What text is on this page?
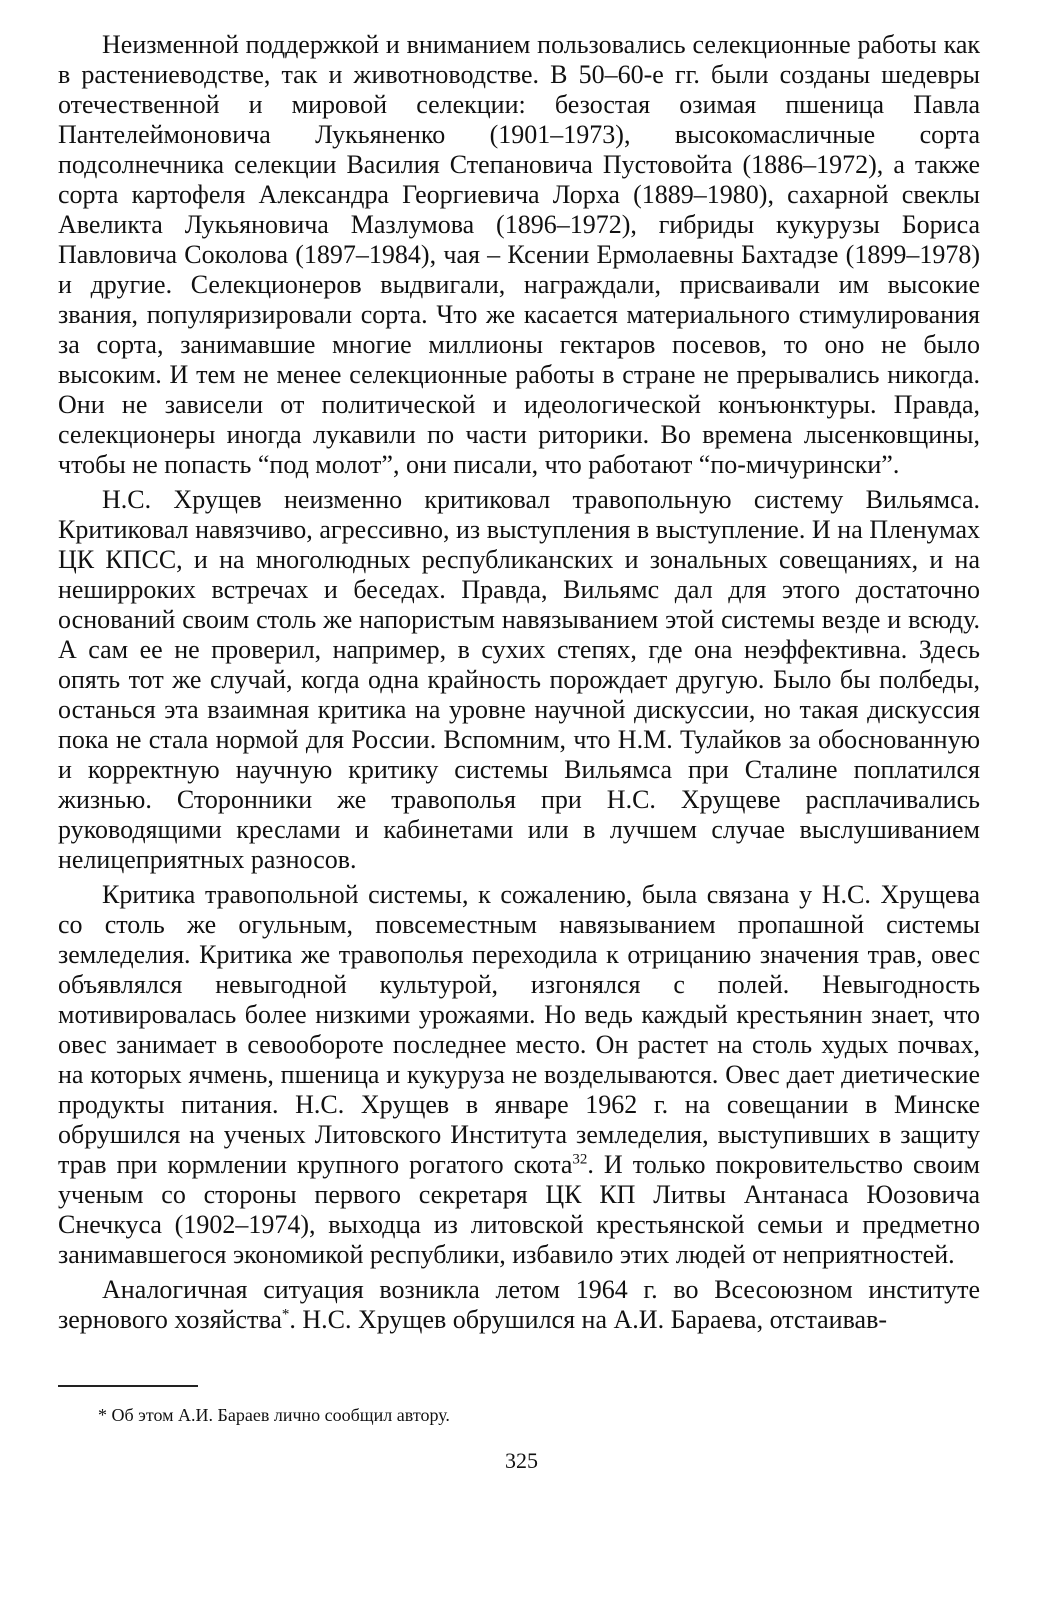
Неизменной поддержкой и вниманием пользовались селекционные работы как в растениеводстве, так и животноводстве. В 50–60-е гг. были созданы шедевры отечественной и мировой селекции: безостая озимая пшеница Павла Пантелеймоновича Лукьяненко (1901–1973), высокомасличные сорта подсолнечника селекции Василия Степановича Пустовойта (1886–1972), а также сорта картофеля Александра Георгиевича Лорха (1889–1980), сахарной свеклы Авеликта Лукьяновича Мазлумова (1896–1972), гибриды кукурузы Бориса Павловича Соколова (1897–1984), чая – Ксении Ермолаевны Бахтадзе (1899–1978) и другие. Селекционеров выдвигали, награждали, присваивали им высокие звания, популяризировали сорта. Что же касается материального стимулирования за сорта, занимавшие многие миллионы гектаров посевов, то оно не было высоким. И тем не менее селекционные работы в стране не прерывались никогда. Они не зависели от политической и идеологической конъюнктуры. Правда, селекционеры иногда лукавили по части риторики. Во времена лысенковщины, чтобы не попасть “под молот”, они писали, что работают “по-мичурински”.

Н.С. Хрущев неизменно критиковал травопольную систему Вильямса. Критиковал навязчиво, агрессивно, из выступления в выступление. И на Пленумах ЦК КПСС, и на многолюдных республиканских и зональных совещаниях, и на неширроких встречах и беседах. Правда, Вильямс дал для этого достаточно оснований своим столь же напористым навязыванием этой системы везде и всюду. А сам ее не проверил, например, в сухих степях, где она неэффективна. Здесь опять тот же случай, когда одна крайность порождает другую. Было бы полбеды, останься эта взаимная критика на уровне научной дискуссии, но такая дискуссия пока не стала нормой для России. Вспомним, что Н.М. Тулайков за обоснованную и корректную научную критику системы Вильямса при Сталине поплатился жизнью. Сторонники же травополья при Н.С. Хрущеве расплачивались руководящими креслами и кабинетами или в лучшем случае выслушиванием нелицеприятных разносов.

Критика травопольной системы, к сожалению, была связана у Н.С. Хрущева со столь же огульным, повсеместным навязыванием пропашной системы земледелия. Критика же травополья переходила к отрицанию значения трав, овес объявлялся невыгодной культурой, изгонялся с полей. Невыгодность мотивировалась более низкими урожаями. Но ведь каждый крестьянин знает, что овес занимает в севообороте последнее место. Он растет на столь худых почвах, на которых ячмень, пшеница и кукуруза не возделываются. Овес дает диетические продукты питания. Н.С. Хрущев в январе 1962 г. на совещании в Минске обрушился на ученых Литовского Института земледелия, выступивших в защиту трав при кормлении крупного рогатого скота$^{32}$. И только покровительство своим ученым со стороны первого секретаря ЦК КП Литвы Антанаса Юозовича Снечкуса (1902–1974), выходца из литовской крестьянской семьи и предметно занимавшегося экономикой республики, избавило этих людей от неприятностей.

Аналогичная ситуация возникла летом 1964 г. во Всесоюзном институте зернового хозяйства*. Н.С. Хрущев обрушился на А.И. Бараева, отстаивав-

* Об этом А.И. Бараев лично сообщил автору.
325
